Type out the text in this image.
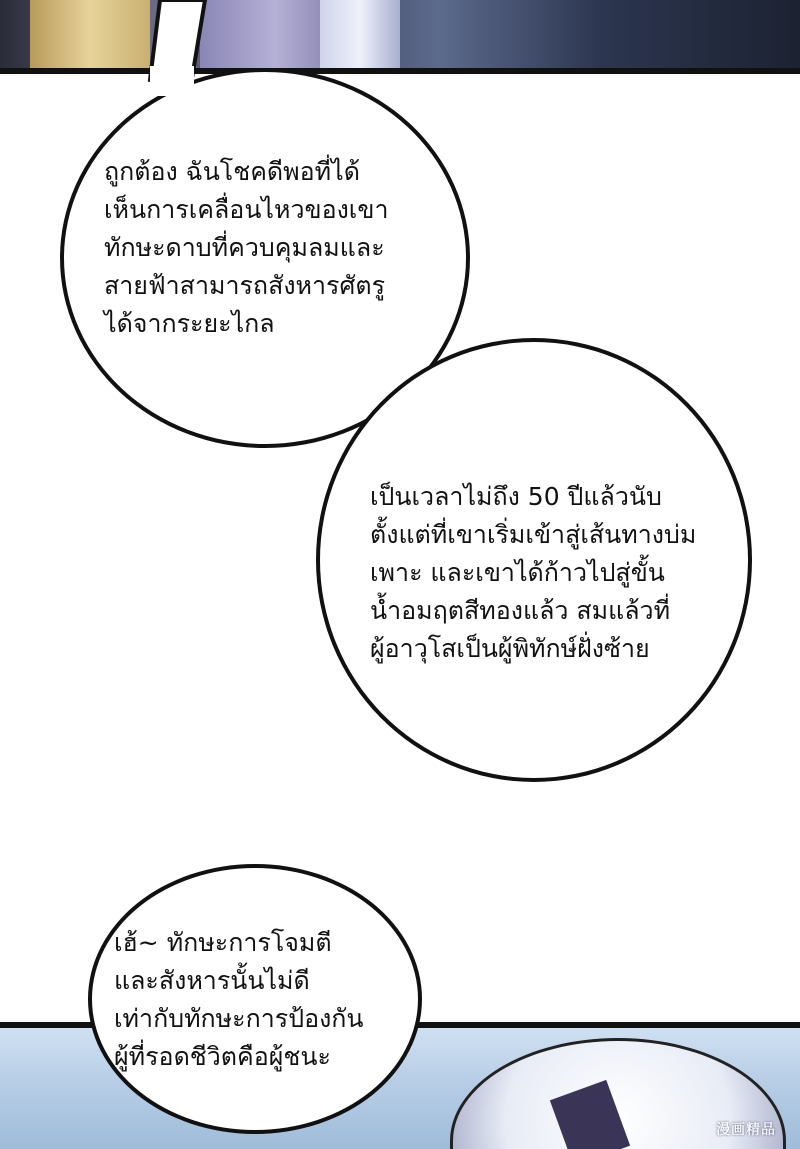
漫画精品

ถูกต้อง ฉันโชคดีพอที่ได้
เห็นการเคลื่อนไหวของเขา
ทักษะดาบที่ควบคุมลมและ
สายฟ้าสามารถสังหารศัตรู
ได้จากระยะไกล

เป็นเวลาไม่ถึง 50 ปีแล้วนับ
ตั้งแต่ที่เขาเริ่มเข้าสู่เส้นทางบ่ม
เพาะ และเขาได้ก้าวไปสู่ขั้น
น้ำอมฤตสีทองแล้ว สมแล้วที่
ผู้อาวุโสเป็นผู้พิทักษ์ฝั่งซ้าย

เฮ้~ ทักษะการโจมตี
และสังหารนั้นไม่ดี
เท่ากับทักษะการป้องกัน
ผู้ที่รอดชีวิตคือผู้ชนะ
